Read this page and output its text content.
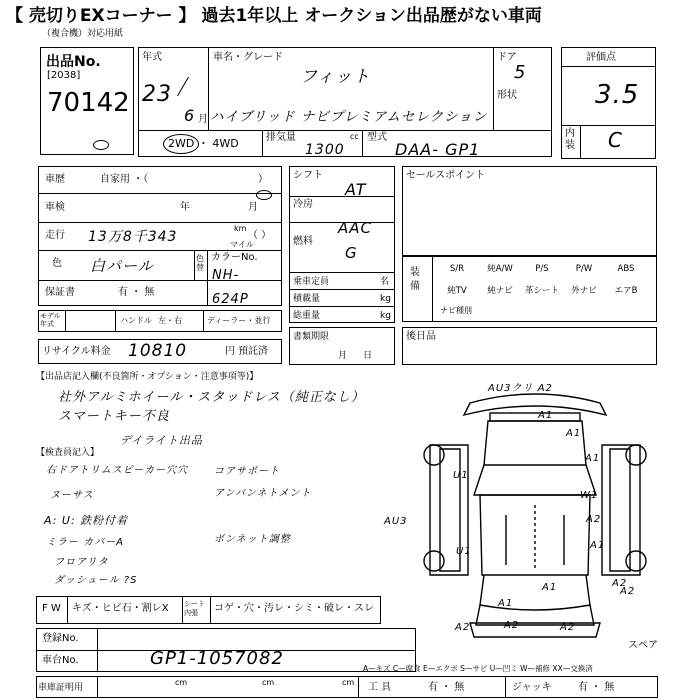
【 売切りEXコーナー 】 過去1年以上 オークション出品歴がない車両
（複合機）対応用紙
出品No.
[2038]
70142
年式
23
6 月
車名・グレード
フィット
ハイブリッド ナビプレミアムセレクション
ドア
5
形状
2WD ・ 4WD	排気量
1300
cc 型式
DAA- GP1
評価点
3.5
内装 C
車歴	自家用 ・（	）
車検	年	月
走行 13万8千343
km
マイル
（ ）
色 白パール	色替
カラーNo.
NH-624P
保証書	有 ・ 無
モデル年式	ハンドル 左・右	ディーラー・並行
リサイクル料金 10810	円 預託済
シフト
AT
冷房
AAC
燃料
G
乗車定員	名
積載量	kg
総重量	kg
書類期限
月日
セールスポイント
装備
S/R	純A/W	P/S	P/W	ABS
純TV	純ナビ	革シート	外ナビ	エアB
ナビ種別
後日品
【出品店記入欄(不良箇所・オプション・注意事項等)】
社外アルミホイール・スタッドレス（純正なし）
スマートキー不良
デイライト出品
【検査員記入】
右ドアトリムスピーカー穴穴
ヌーサス
A: U: 鉄粉付着
ミラー カバーA
フロアリタ
ダッシュール ?S
コアサポート
アンバンネトメント
ボンネット調整
AU3クリ A2
A1
A1
U1
A1
W1
A2
AU3
A1
U1
A2
A2
A1
A1
A2	A2	A2
スペア
F W キズ・ヒビ石・割レX シート内張	コゲ・穴・汚レ・シミ・破レ・スレ
登録No.
車台No.	GP1-1057082	A—キズ C—腐食 E—エクボ S—サビ U—凹ミ W—補修 XX—交換済
車庫証明用
cm	cm	cm 工 具	有 ・ 無	ジャッキ	有 ・ 無
